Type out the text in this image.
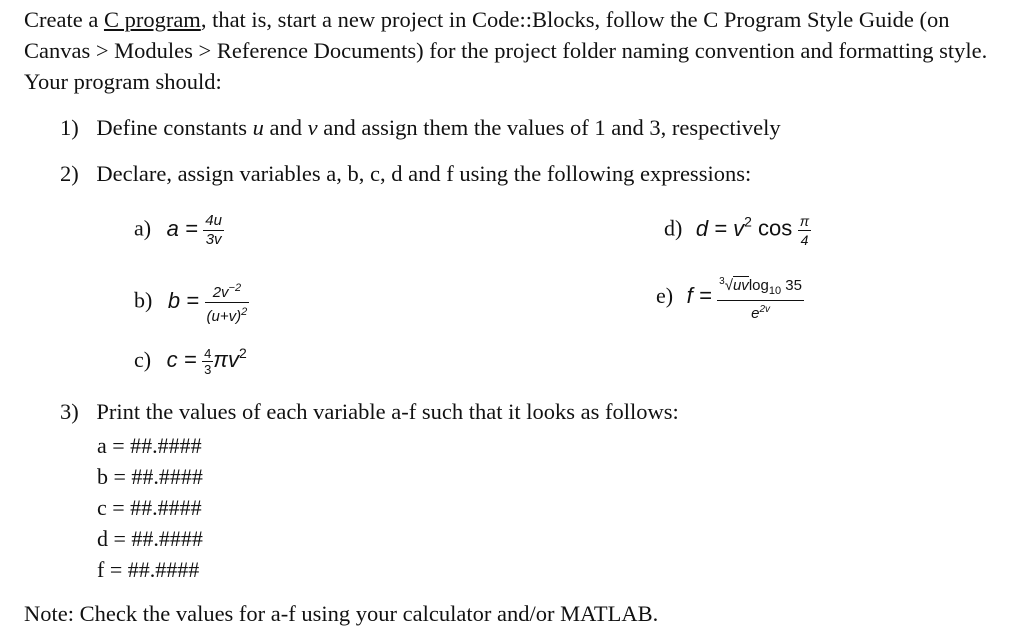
Create a C program, that is, start a new project in Code::Blocks, follow the C Program Style Guide (on Canvas > Modules > Reference Documents) for the project folder naming convention and formatting style. Your program should:
1) Define constants u and v and assign them the values of 1 and 3, respectively
2) Declare, assign variables a, b, c, d and f using the following expressions:
a) $a = \frac{4u}{3v}$	d) $d = v^2$ $\cos \frac{\pi}{4}$
b) $b = \frac{2v^{-2}}{(u+v)^2}$	e) $f = \frac{^3√uvlog_{10} 35}{e^{2v}}$
c) $c = \frac{4}{3} \pi v^2$
3) Print the values of each variable a-f such that it looks as follows:
a = ##.####
b = ##.####
c = ##.####
d = ##.####
f = ##.####
Note: Check the values for a-f using your calculator and/or MATLAB.
